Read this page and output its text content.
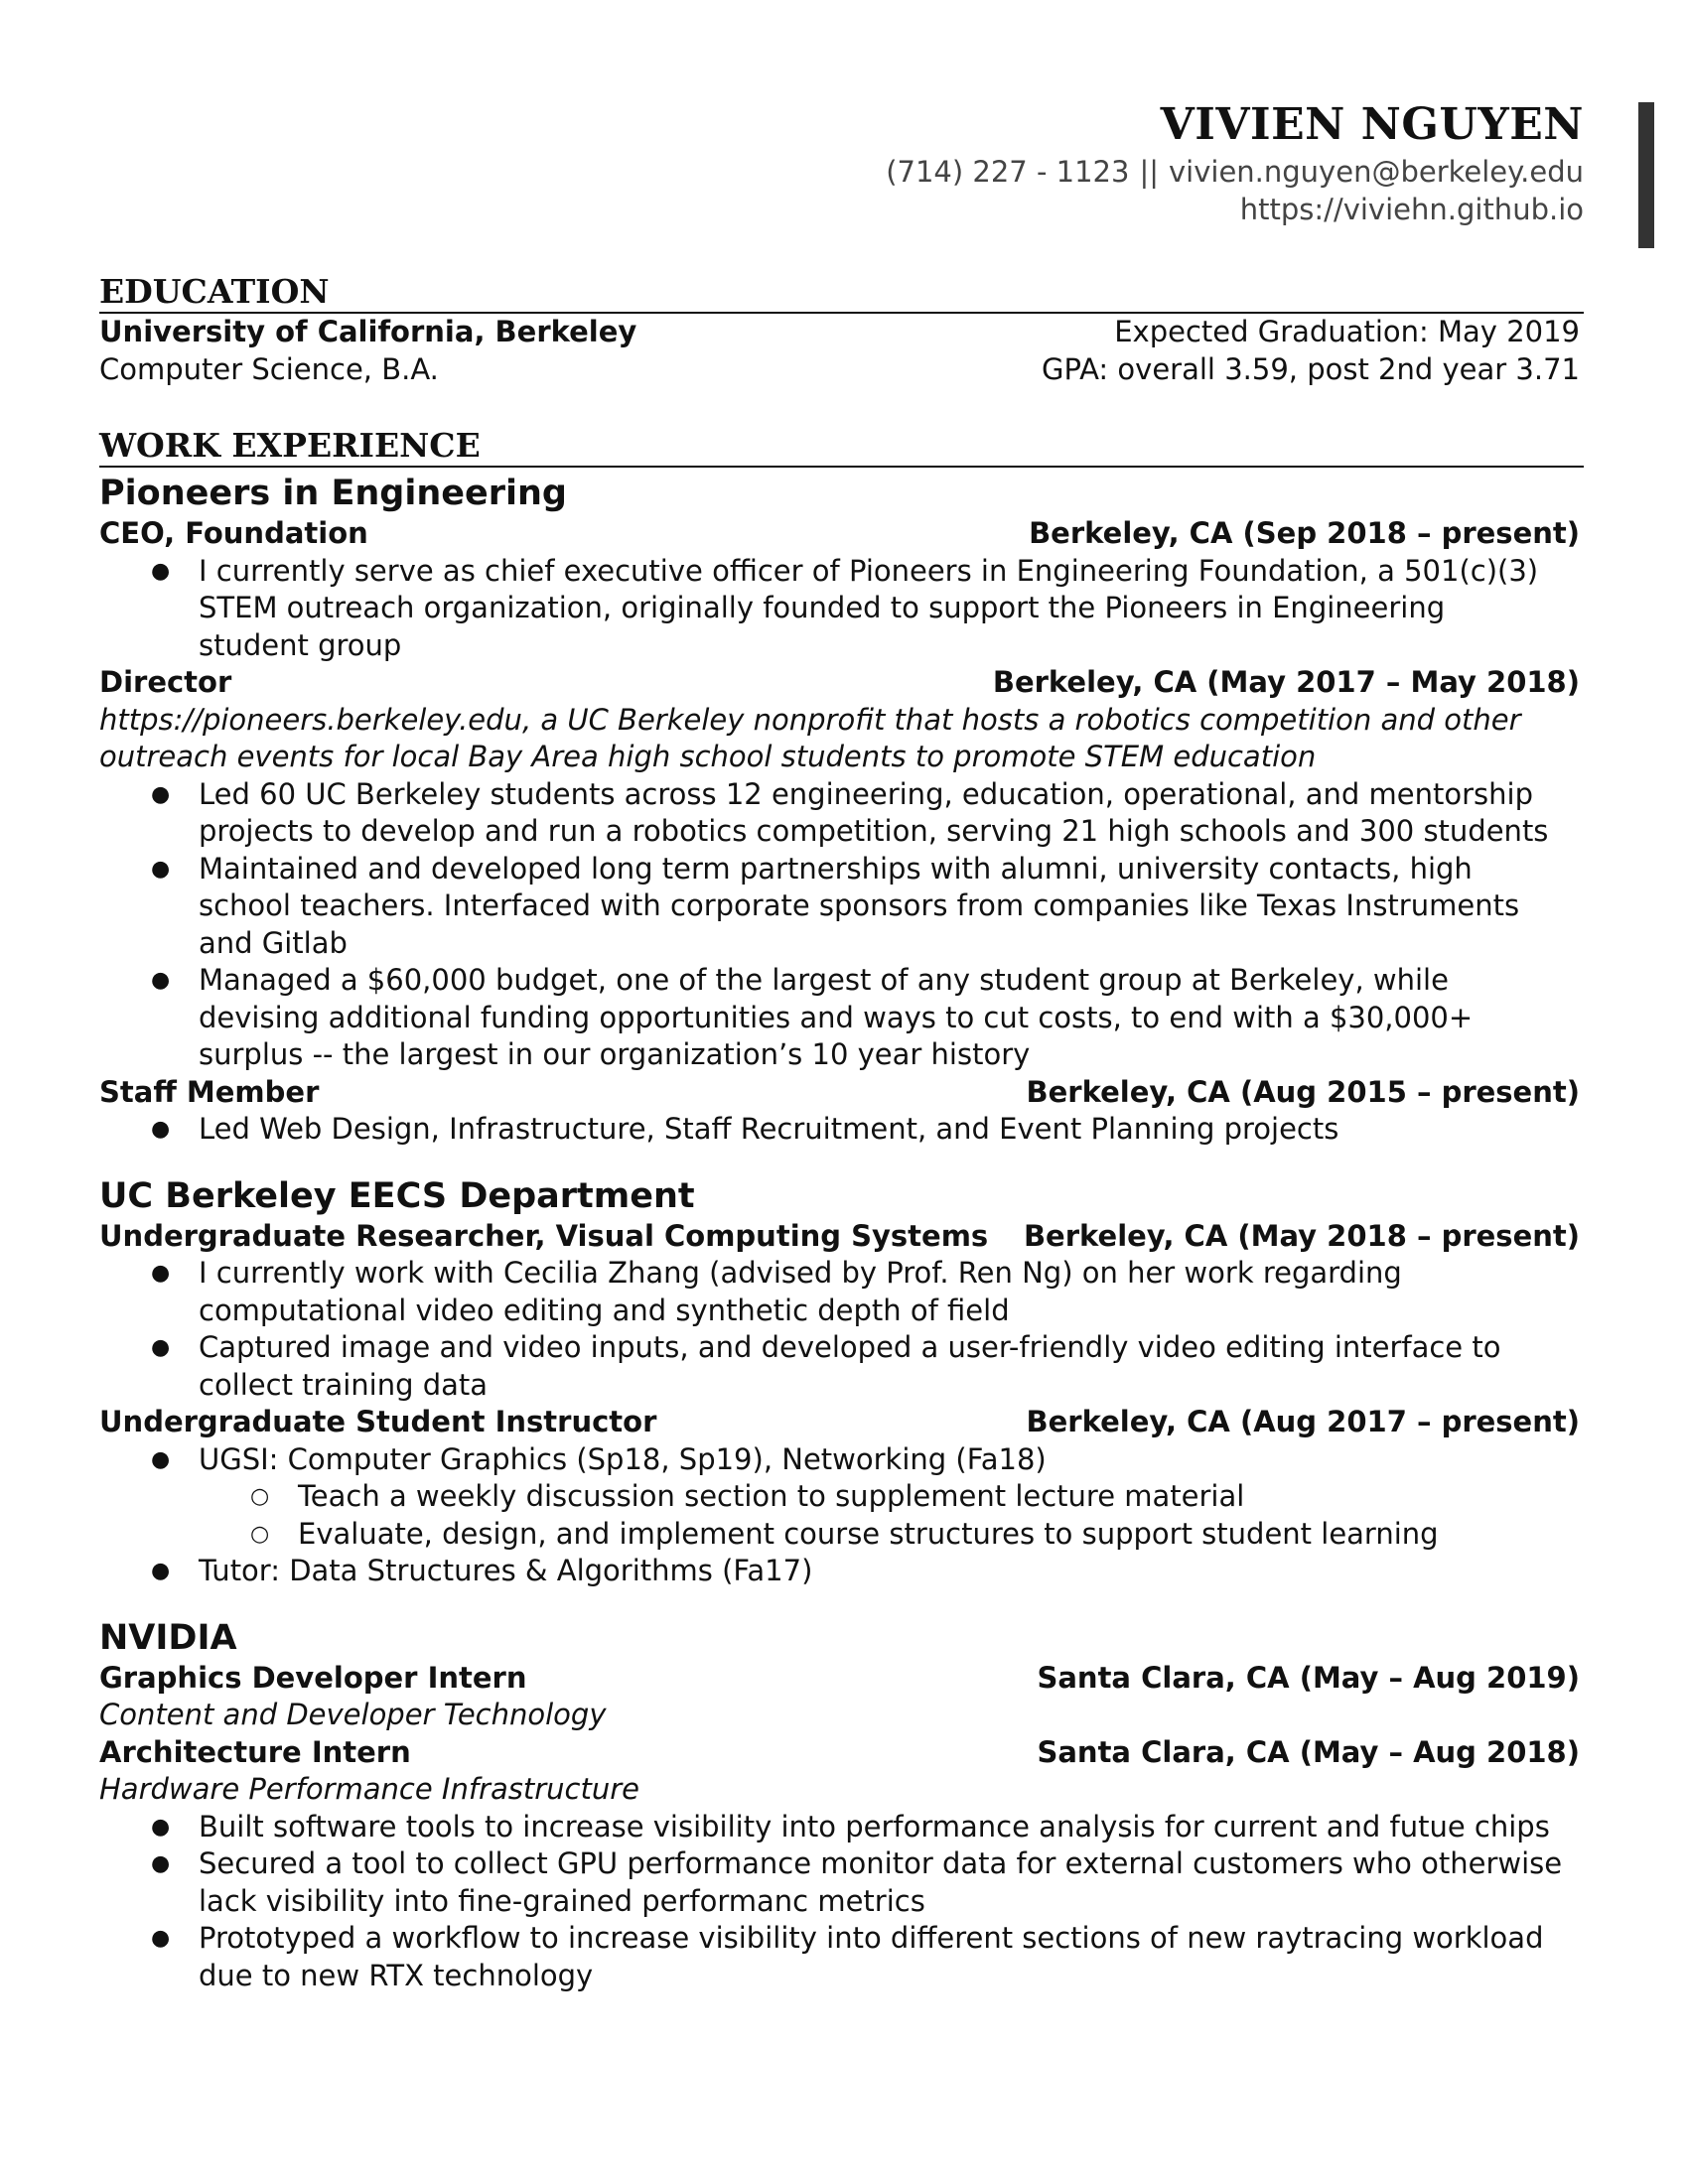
VIVIEN NGUYEN
(714) 227 - 1123 || vivien.nguyen@berkeley.edu
https://viviehn.github.io
EDUCATION
University of California, Berkeley	Expected Graduation: May 2019
Computer Science, B.A.	GPA: overall 3.59, post 2nd year 3.71
WORK EXPERIENCE
Pioneers in Engineering
CEO, Foundation	Berkeley, CA (Sep 2018 – present)
● I currently serve as chief executive officer of Pioneers in Engineering Foundation, a 501(c)(3) STEM outreach organization, originally founded to support the Pioneers in Engineering student group
Director	Berkeley, CA (May 2017 – May 2018)
https://pioneers.berkeley.edu, a UC Berkeley nonprofit that hosts a robotics competition and other outreach events for local Bay Area high school students to promote STEM education
● Led 60 UC Berkeley students across 12 engineering, education, operational, and mentorship projects to develop and run a robotics competition, serving 21 high schools and 300 students
● Maintained and developed long term partnerships with alumni, university contacts, high school teachers. Interfaced with corporate sponsors from companies like Texas Instruments and Gitlab
● Managed a $60,000 budget, one of the largest of any student group at Berkeley, while devising additional funding opportunities and ways to cut costs, to end with a $30,000+ surplus -- the largest in our organization’s 10 year history
Staff Member	Berkeley, CA (Aug 2015 – present)
● Led Web Design, Infrastructure, Staff Recruitment, and Event Planning projects
UC Berkeley EECS Department
Undergraduate Researcher, Visual Computing Systems Berkeley, CA (May 2018 – present)
● I currently work with Cecilia Zhang (advised by Prof. Ren Ng) on her work regarding computational video editing and synthetic depth of field
● Captured image and video inputs, and developed a user-friendly video editing interface to collect training data
Undergraduate Student Instructor	Berkeley, CA (Aug 2017 – present)
● UGSI: Computer Graphics (Sp18, Sp19), Networking (Fa18)
○ Teach a weekly discussion section to supplement lecture material
○ Evaluate, design, and implement course structures to support student learning
● Tutor: Data Structures & Algorithms (Fa17)
NVIDIA
Graphics Developer Intern	Santa Clara, CA (May – Aug 2019)
Content and Developer Technology
Architecture Intern	Santa Clara, CA (May – Aug 2018)
Hardware Performance Infrastructure
● Built software tools to increase visibility into performance analysis for current and futue chips
● Secured a tool to collect GPU performance monitor data for external customers who otherwise lack visibility into fine-grained performanc metrics
● Prototyped a workflow to increase visibility into different sections of new raytracing workload due to new RTX technology
